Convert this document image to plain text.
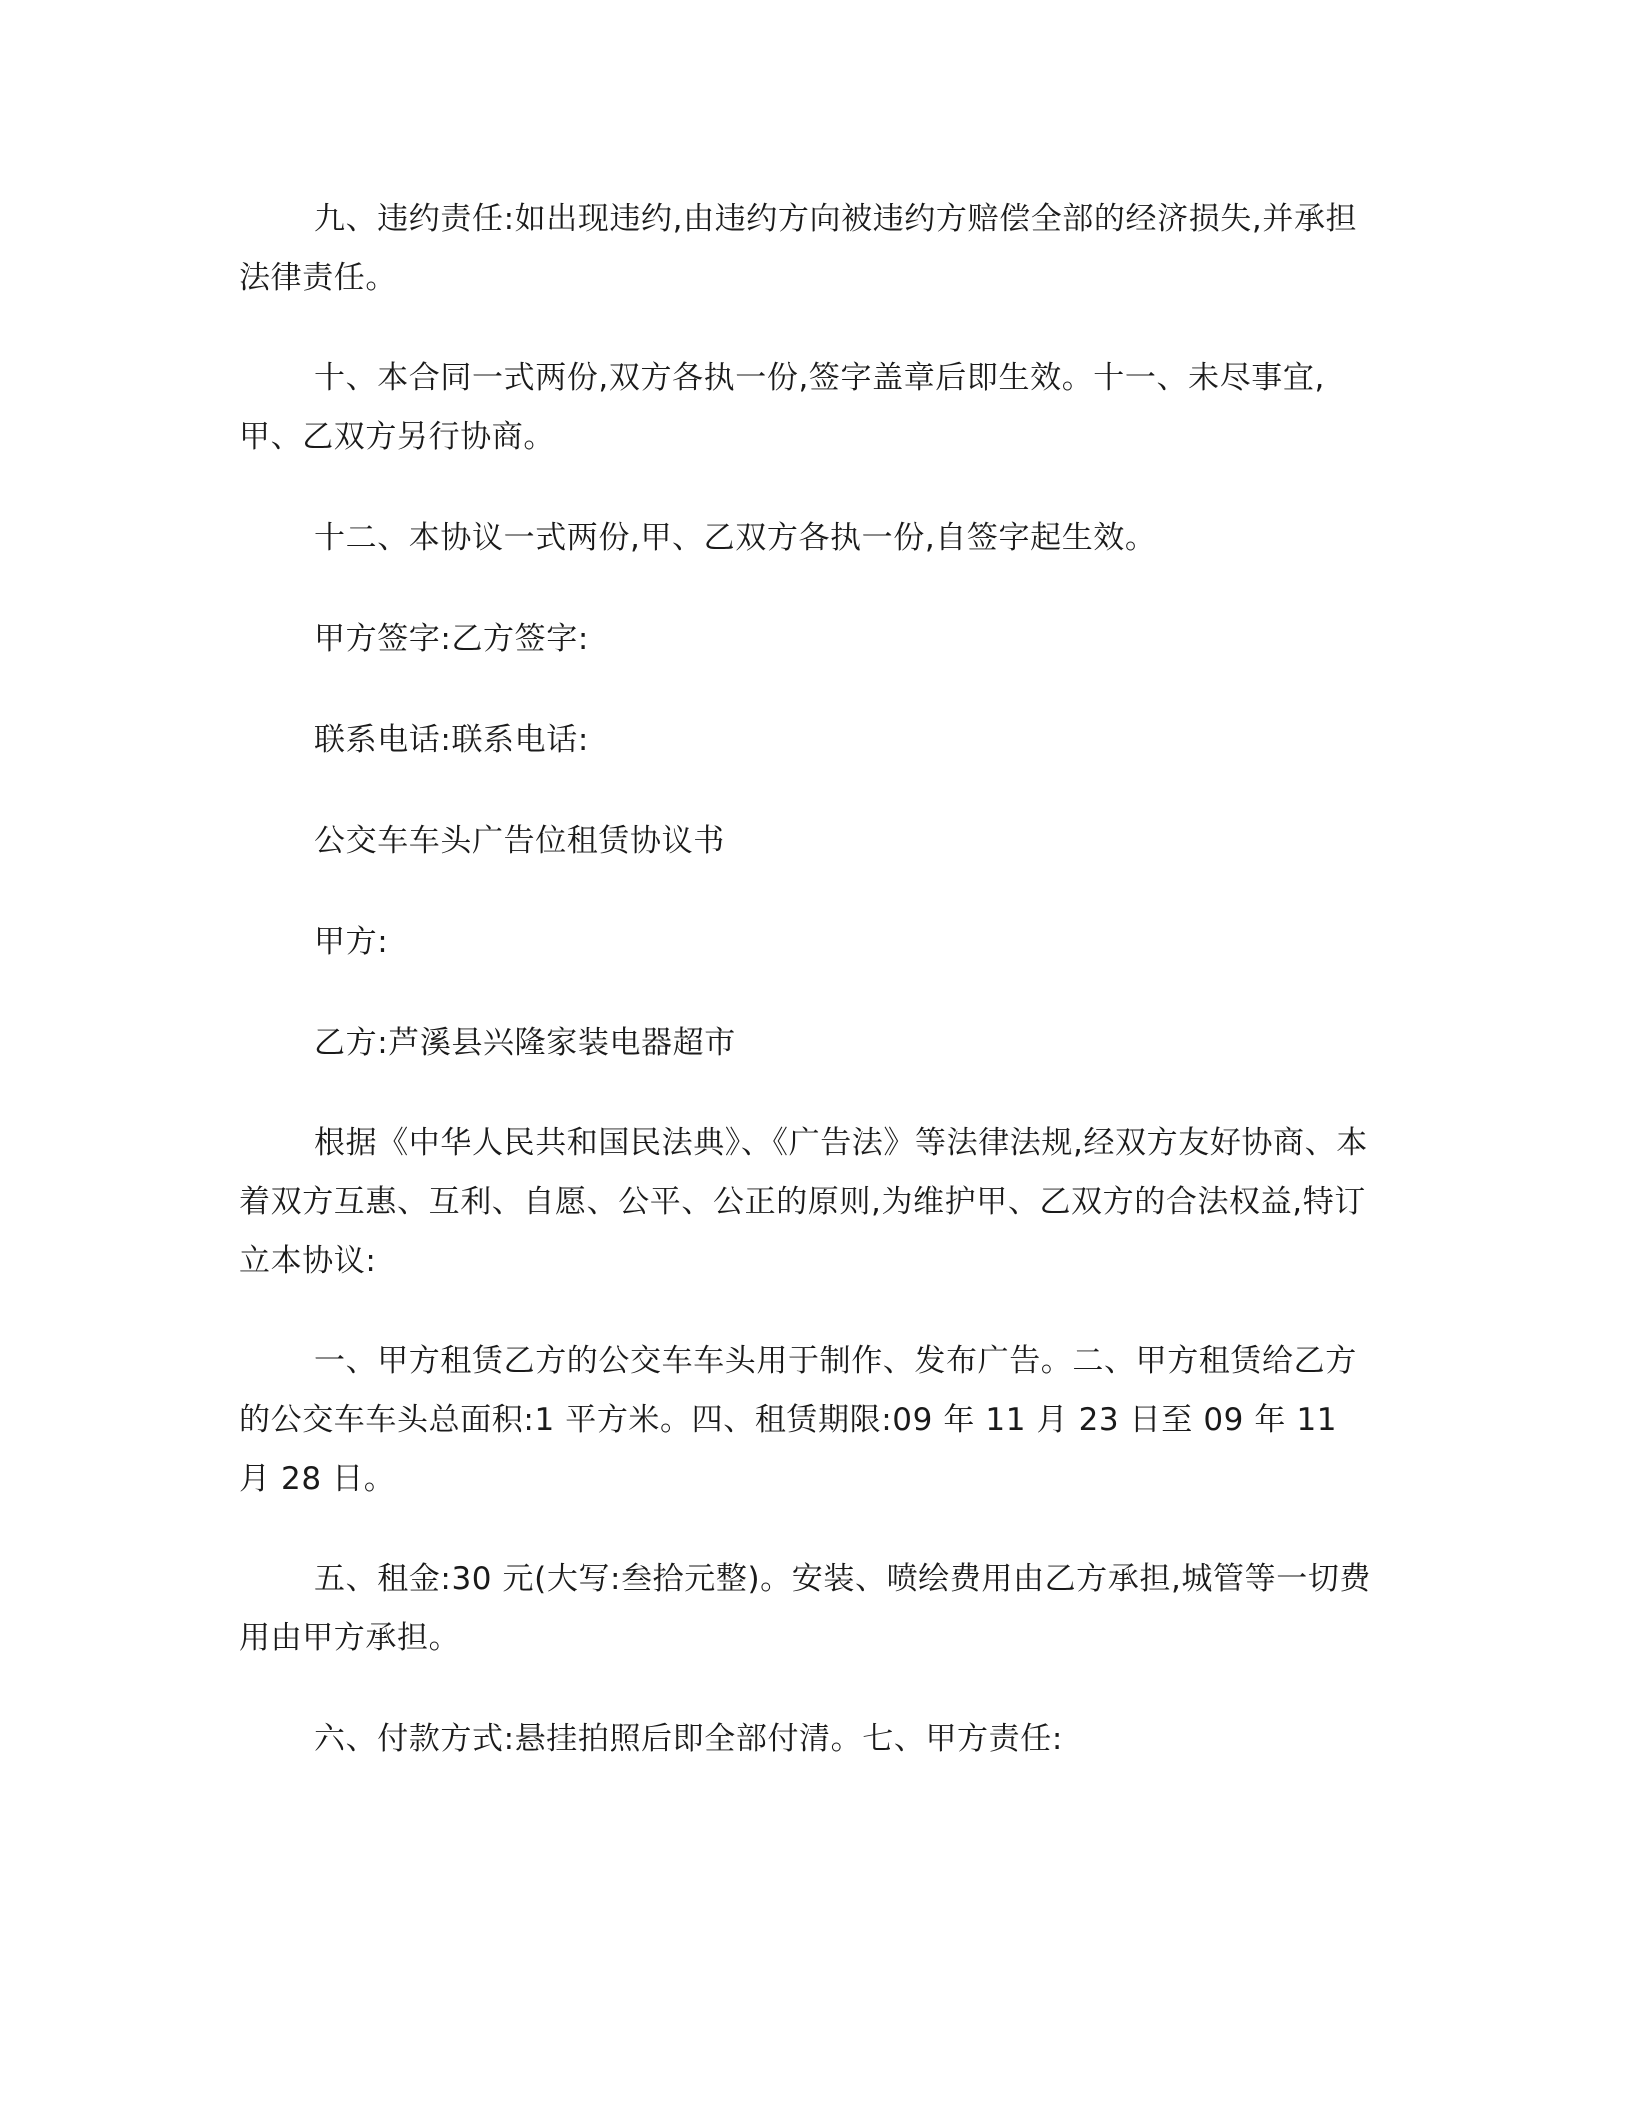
九、违约责任:如出现违约,由违约方向被违约方赔偿全部的经济损失,并承担法律责任。

十、本合同一式两份,双方各执一份,签字盖章后即生效。十一、未尽事宜,甲、乙双方另行协商。

十二、本协议一式两份,甲、乙双方各执一份,自签字起生效。

甲方签字:乙方签字:

联系电话:联系电话:

公交车车头广告位租赁协议书

甲方:

乙方:芦溪县兴隆家装电器超市

根据《中华人民共和国民法典》、《广告法》等法律法规,经双方友好协商、本着双方互惠、互利、自愿、公平、公正的原则,为维护甲、乙双方的合法权益,特订立本协议:

一、甲方租赁乙方的公交车车头用于制作、发布广告。二、甲方租赁给乙方的公交车车头总面积:1 平方米。四、租赁期限:09 年 11 月 23 日至 09 年 11 月 28 日。

五、租金:30 元(大写:叁拾元整)。安装、喷绘费用由乙方承担,城管等一切费用由甲方承担。

六、付款方式:悬挂拍照后即全部付清。七、甲方责任:
